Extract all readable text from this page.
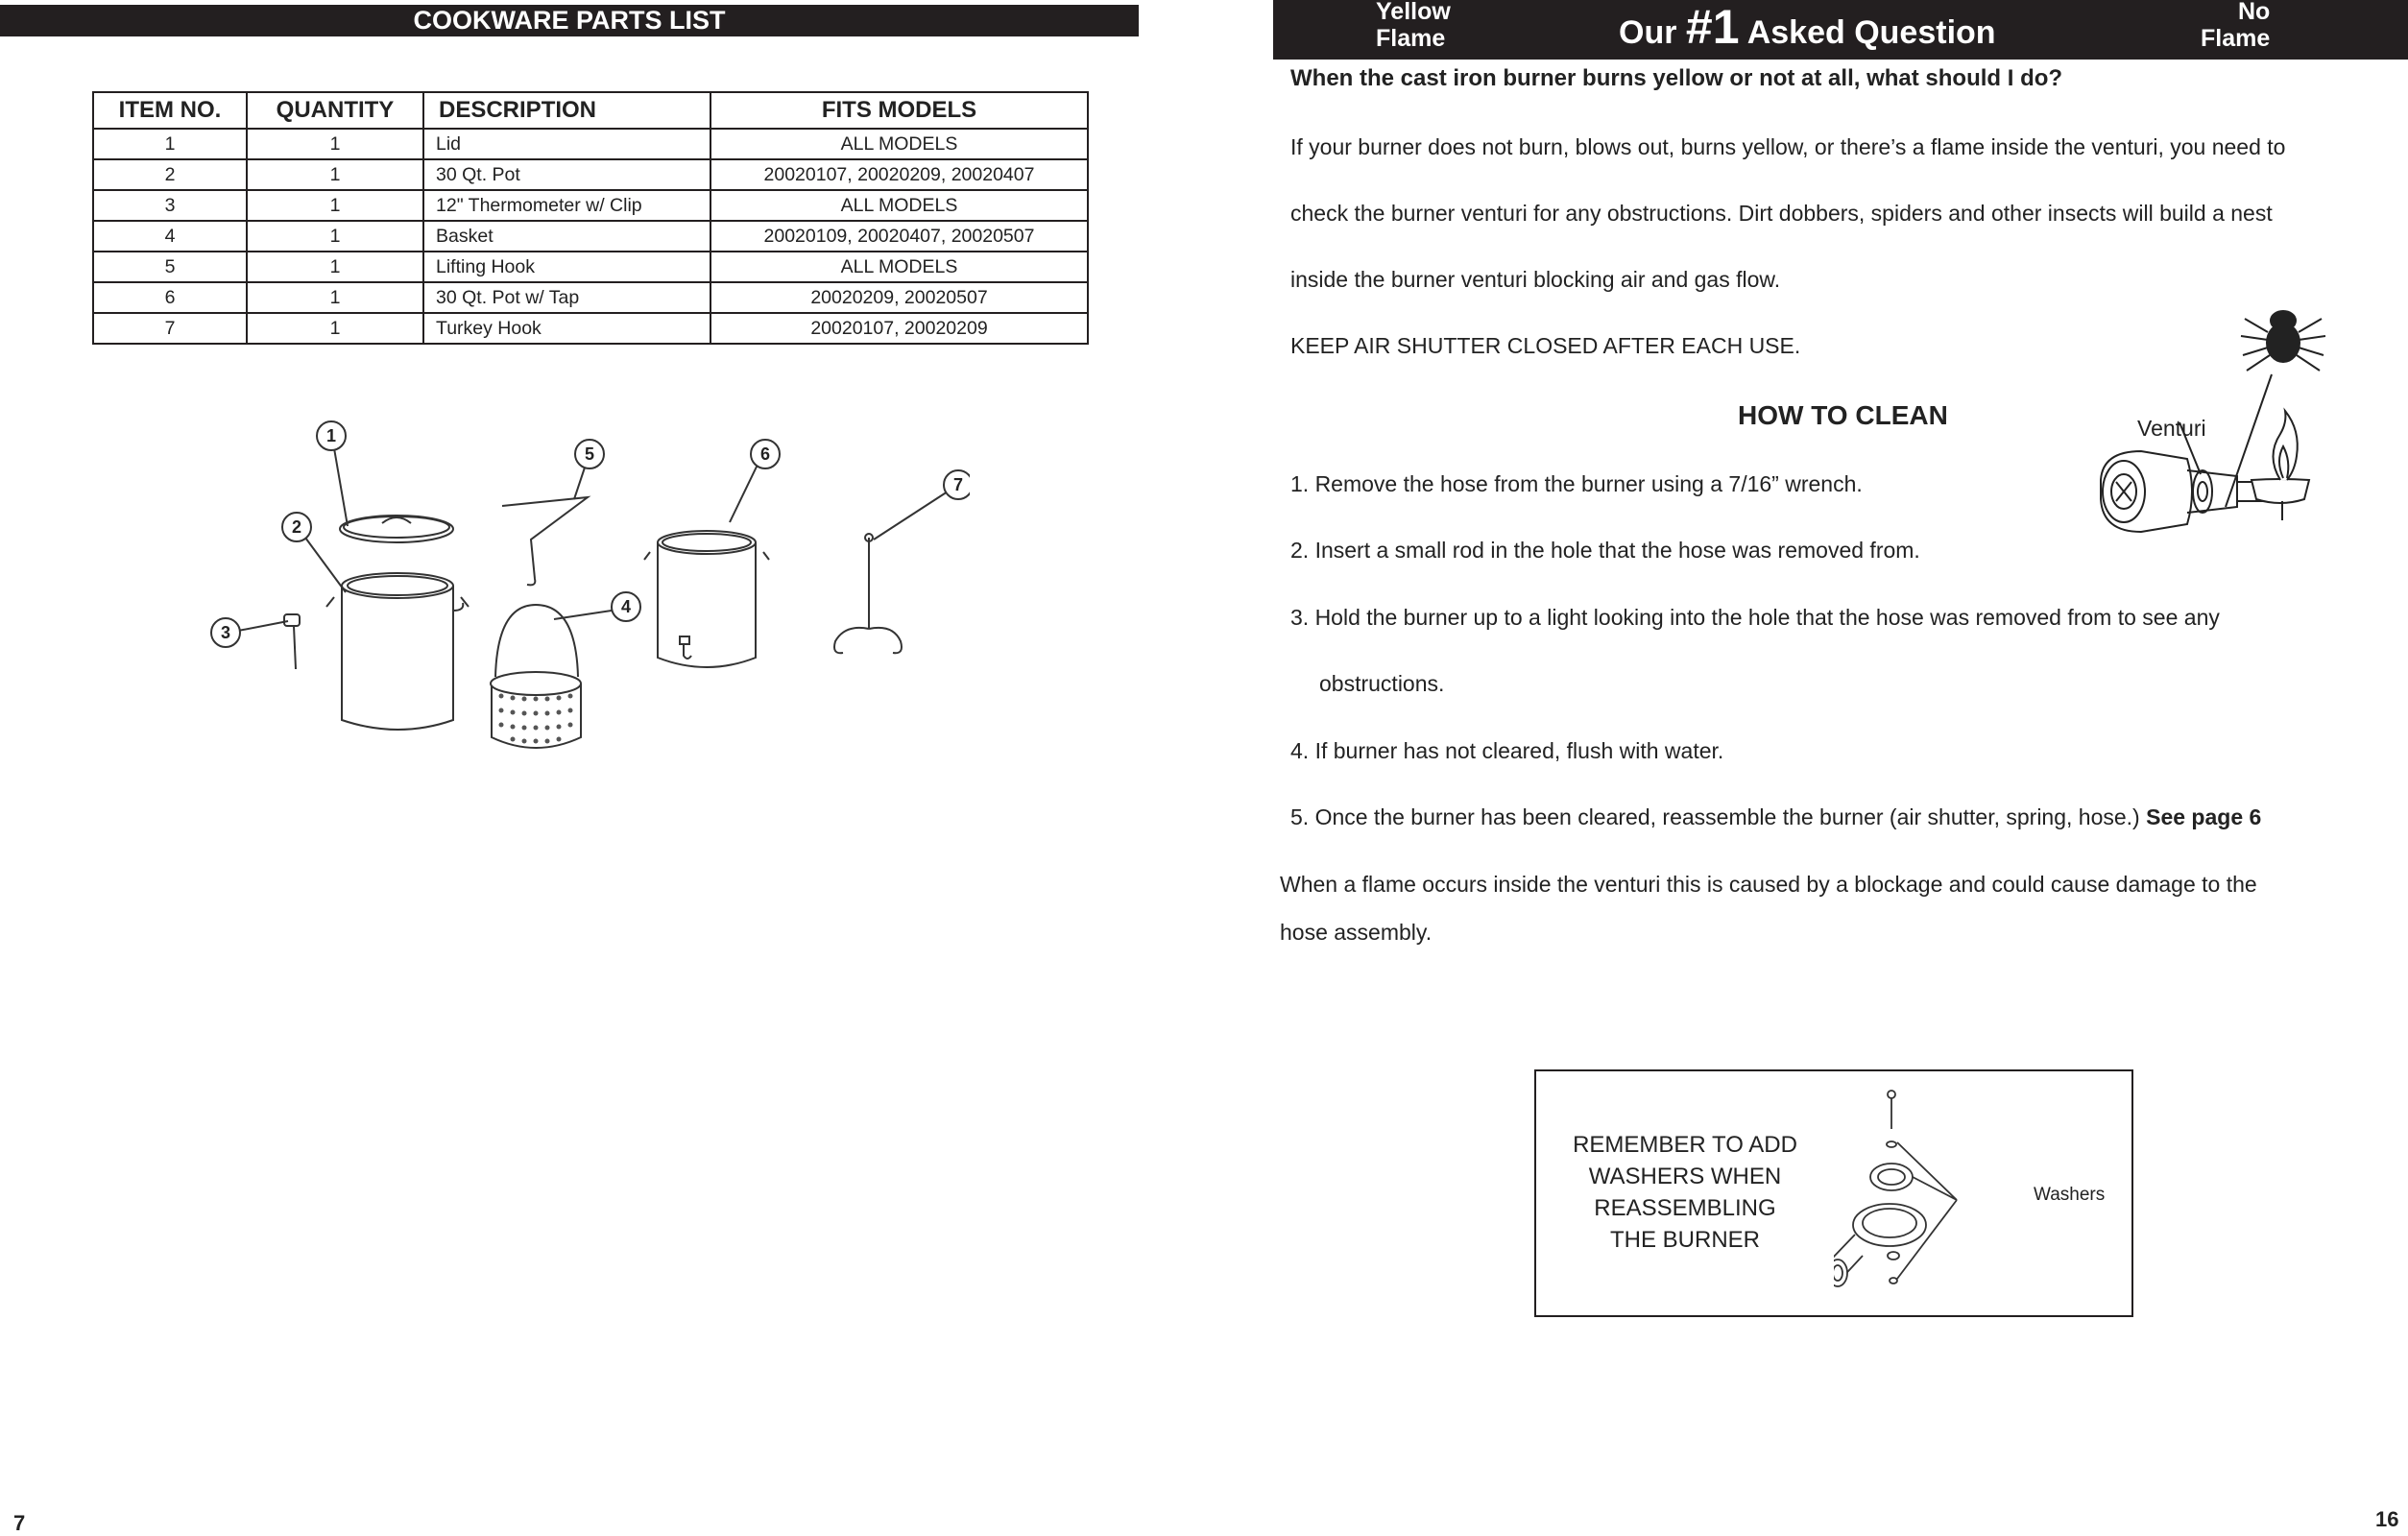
COOKWARE PARTS LIST
ITEM NO.	QUANTITY	DESCRIPTION	FITS MODELS
1	1	Lid	ALL MODELS
2	1	30 Qt. Pot	20020107, 20020209, 20020407
3	1	12" Thermometer w/ Clip	ALL MODELS
4	1	Basket	20020109, 20020407, 20020507
5	1	Lifting Hook	ALL MODELS
6	1	30 Qt. Pot w/ Tap	20020209, 20020507
7	1	Turkey Hook	20020107, 20020209
1
2
3
4
5	6
7
7
Yellow
Flame	Our #1 Asked Question
No
Flame
When the cast iron burner burns yellow or not at all, what should I do?
If your burner does not burn, blows out, burns yellow, or there’s a flame inside the venturi, you need to
check the burner venturi for any obstructions. Dirt dobbers, spiders and other insects will build a nest
inside the burner venturi blocking air and gas flow.
KEEP AIR SHUTTER CLOSED AFTER EACH USE.
HOW TO CLEAN
1. Remove the hose from the burner using a 7/16” wrench.
2. Insert a small rod in the hole that the hose was removed from.
3. Hold the burner up to a light looking into the hole that the hose was removed from to see any
obstructions.
4. If burner has not cleared, flush with water.
5. Once the burner has been cleared, reassemble the burner (air shutter, spring, hose.) See page 6
When a flame occurs inside the venturi this is caused by a blockage and could cause damage to the
hose assembly.
Venturi
REMEMBER TO ADD
WASHERS WHEN
REASSEMBLING
THE BURNER
Washers
16
